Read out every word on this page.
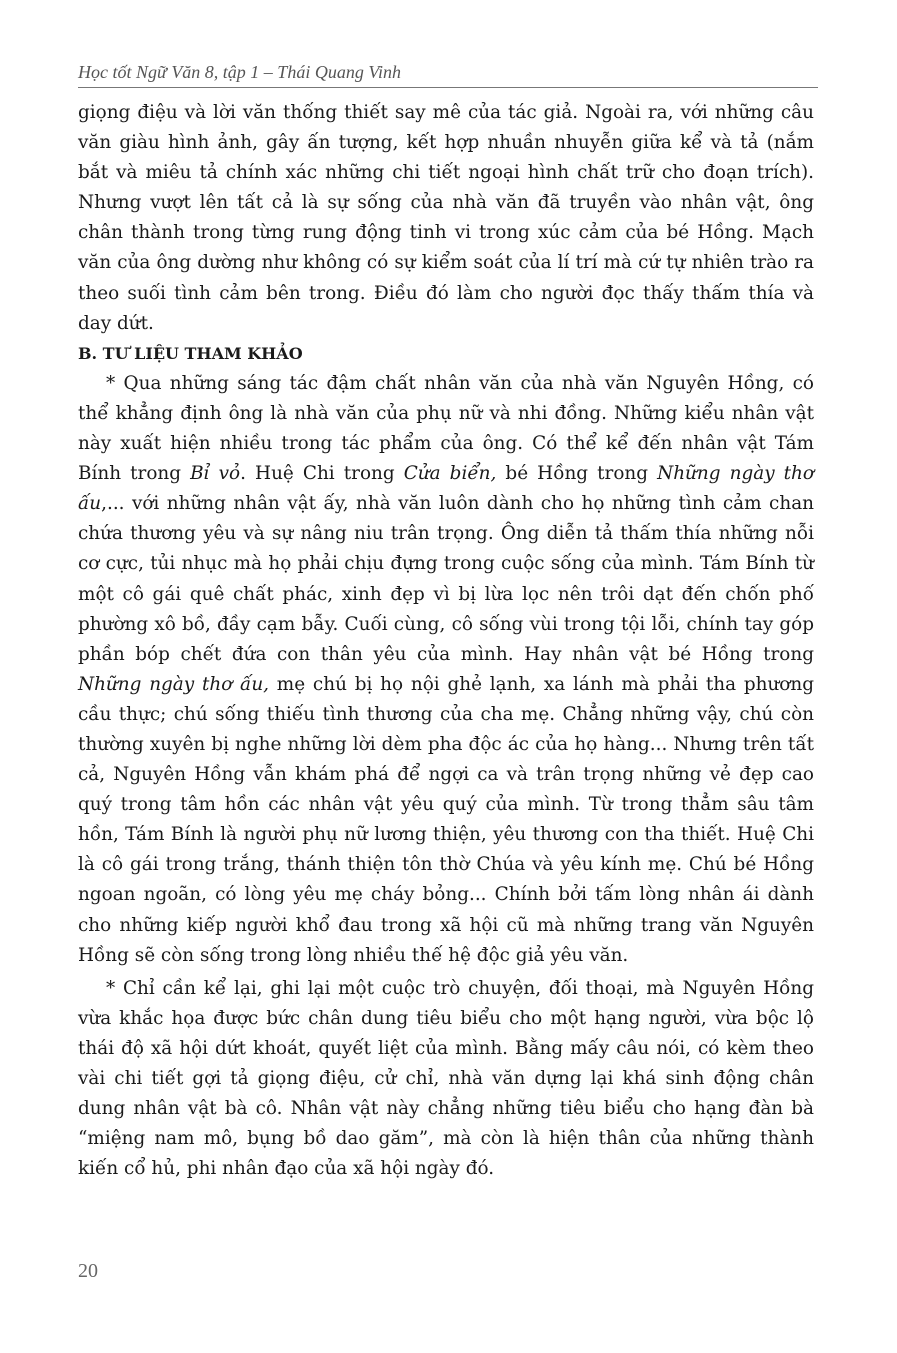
Học tốt Ngữ Văn 8, tập 1 – Thái Quang Vinh

giọng điệu và lời văn thống thiết say mê của tác giả. Ngoài ra, với những câu văn giàu hình ảnh, gây ấn tượng, kết hợp nhuần nhuyễn giữa kể và tả (nắm bắt và miêu tả chính xác những chi tiết ngoại hình chất trữ cho đoạn trích). Nhưng vượt lên tất cả là sự sống của nhà văn đã truyền vào nhân vật, ông chân thành trong từng rung động tinh vi trong xúc cảm của bé Hồng. Mạch văn của ông dường như không có sự kiểm soát của lí trí mà cứ tự nhiên trào ra theo suối tình cảm bên trong. Điều đó làm cho người đọc thấy thấm thía và day dứt.

B. TƯ LIỆU THAM KHẢO

* Qua những sáng tác đậm chất nhân văn của nhà văn Nguyên Hồng, có thể khẳng định ông là nhà văn của phụ nữ và nhi đồng. Những kiểu nhân vật này xuất hiện nhiều trong tác phẩm của ông. Có thể kể đến nhân vật Tám Bính trong Bỉ vỏ. Huệ Chi trong Cửa biển, bé Hồng trong Những ngày thơ ấu,... với những nhân vật ấy, nhà văn luôn dành cho họ những tình cảm chan chứa thương yêu và sự nâng niu trân trọng. Ông diễn tả thấm thía những nỗi cơ cực, tủi nhục mà họ phải chịu đựng trong cuộc sống của mình. Tám Bính từ một cô gái quê chất phác, xinh đẹp vì bị lừa lọc nên trôi dạt đến chốn phố phường xô bồ, đầy cạm bẫy. Cuối cùng, cô sống vùi trong tội lỗi, chính tay góp phần bóp chết đứa con thân yêu của mình. Hay nhân vật bé Hồng trong Những ngày thơ ấu, mẹ chú bị họ nội ghẻ lạnh, xa lánh mà phải tha phương cầu thực; chú sống thiếu tình thương của cha mẹ. Chẳng những vậy, chú còn thường xuyên bị nghe những lời dèm pha độc ác của họ hàng... Nhưng trên tất cả, Nguyên Hồng vẫn khám phá để ngợi ca và trân trọng những vẻ đẹp cao quý trong tâm hồn các nhân vật yêu quý của mình. Từ trong thẳm sâu tâm hồn, Tám Bính là người phụ nữ lương thiện, yêu thương con tha thiết. Huệ Chi là cô gái trong trắng, thánh thiện tôn thờ Chúa và yêu kính mẹ. Chú bé Hồng ngoan ngoãn, có lòng yêu mẹ cháy bỏng... Chính bởi tấm lòng nhân ái dành cho những kiếp người khổ đau trong xã hội cũ mà những trang văn Nguyên Hồng sẽ còn sống trong lòng nhiều thế hệ độc giả yêu văn.

* Chỉ cần kể lại, ghi lại một cuộc trò chuyện, đối thoại, mà Nguyên Hồng vừa khắc họa được bức chân dung tiêu biểu cho một hạng người, vừa bộc lộ thái độ xã hội dứt khoát, quyết liệt của mình. Bằng mấy câu nói, có kèm theo vài chi tiết gợi tả giọng điệu, cử chỉ, nhà văn dựng lại khá sinh động chân dung nhân vật bà cô. Nhân vật này chẳng những tiêu biểu cho hạng đàn bà “miệng nam mô, bụng bồ dao găm”, mà còn là hiện thân của những thành kiến cổ hủ, phi nhân đạo của xã hội ngày đó.

20
